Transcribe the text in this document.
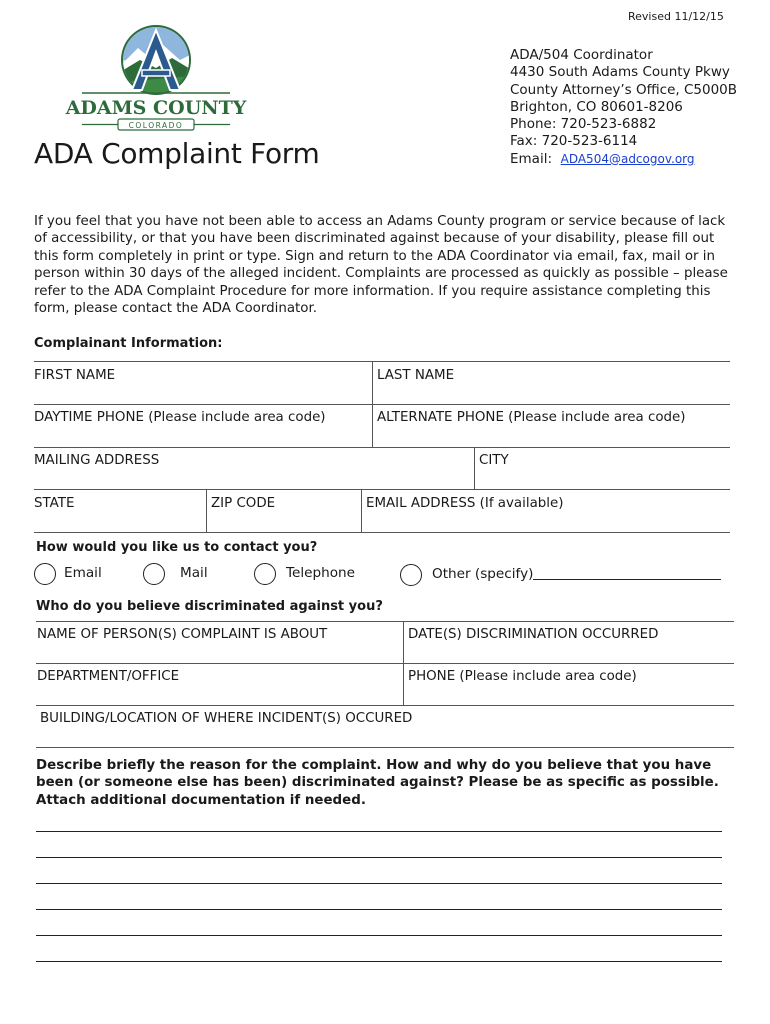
Revised 11/12/15
ADAMS COUNTY
COLORADO
ADA/504 Coordinator
4430 South Adams County Pkwy
County Attorney’s Office, C5000B
Brighton, CO 80601-8206
Phone: 720-523-6882
Fax: 720-523-6114
Email: ADA504@adcogov.org
ADA Complaint Form

If you feel that you have not been able to access an Adams County program or service because of lack of accessibility, or that you have been discriminated against because of your disability, please fill out this form completely in print or type. Sign and return to the ADA Coordinator via email, fax, mail or in person within 30 days of the alleged incident. Complaints are processed as quickly as possible – please refer to the ADA Complaint Procedure for more information. If you require assistance completing this form, please contact the ADA Coordinator.

Complainant Information:
FIRST NAME	LAST NAME
DAYTIME PHONE (Please include area code)	ALTERNATE PHONE (Please include area code)
MAILING ADDRESS	CITY
STATE	ZIP CODE	EMAIL ADDRESS (If available)
How would you like us to contact you?
Email	Mail	Telephone	Other (specify)
Who do you believe discriminated against you?
NAME OF PERSON(S) COMPLAINT IS ABOUT	DATE(S) DISCRIMINATION OCCURRED
DEPARTMENT/OFFICE	PHONE (Please include area code)
BUILDING/LOCATION OF WHERE INCIDENT(S) OCCURED

Describe briefly the reason for the complaint. How and why do you believe that you have been (or someone else has been) discriminated against? Please be as specific as possible. Attach additional documentation if needed.
